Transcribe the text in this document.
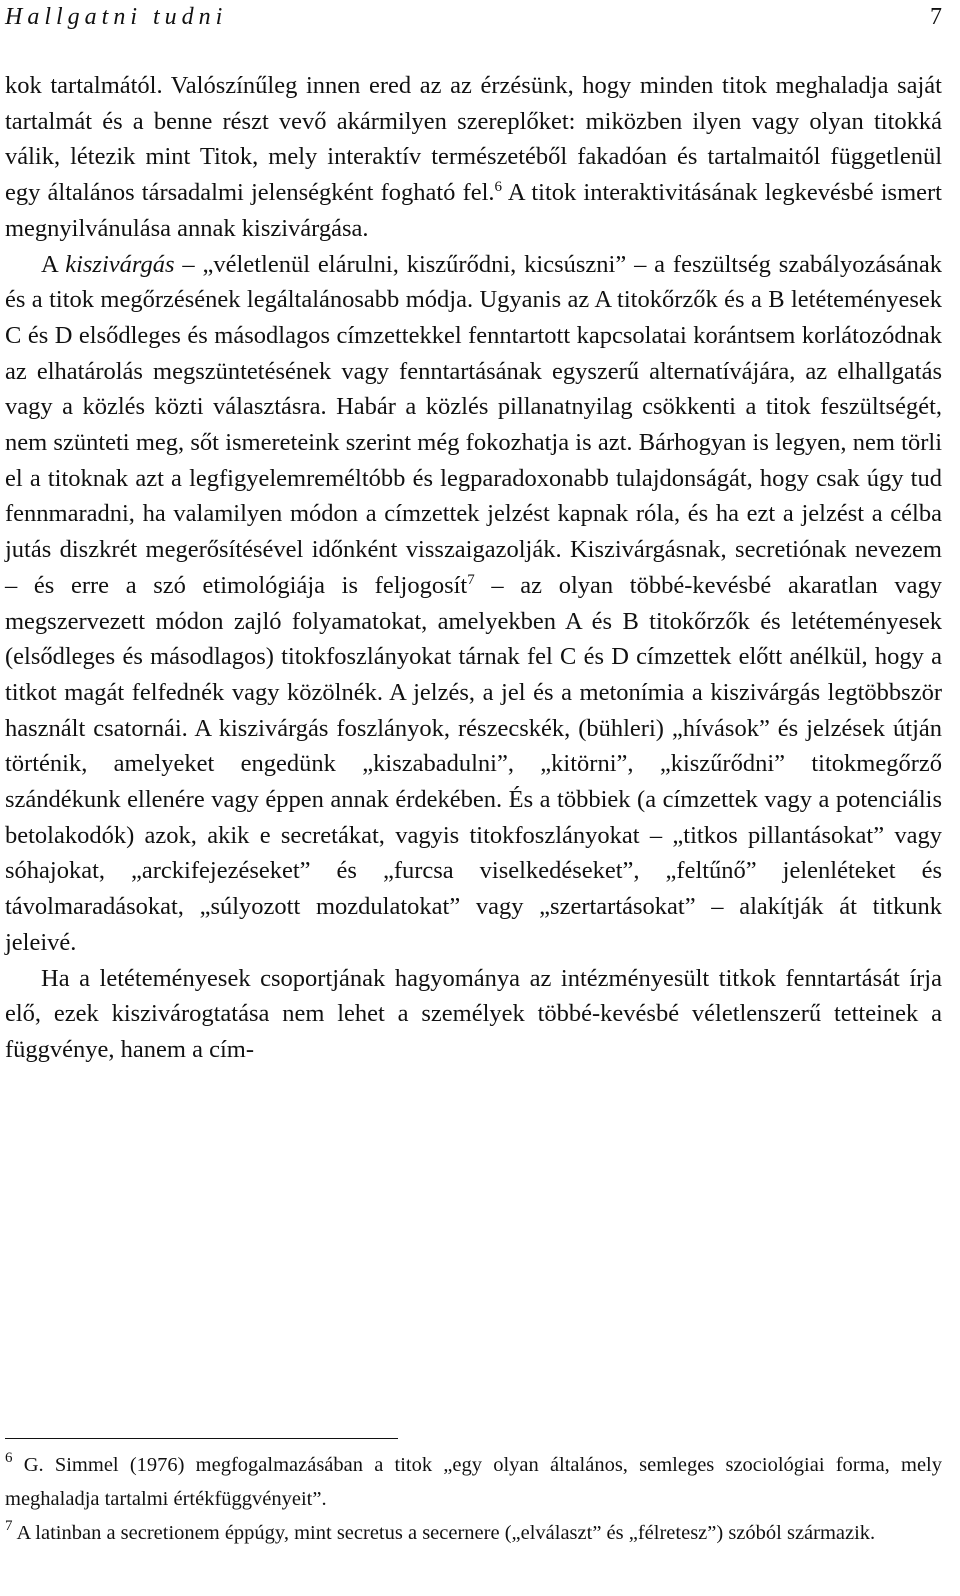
Hallgatni tudni	7

kok tartalmától. Valószínűleg innen ered az az érzésünk, hogy minden titok meghaladja saját tartalmát és a benne részt vevő akármilyen szereplőket: miközben ilyen vagy olyan titokká válik, létezik mint Titok, mely interaktív természetéből fakadóan és tartalmaitól függetlenül egy általános társadalmi jelenségként fogható fel.$^6$ A titok interaktivitásának legkevésbé ismert megnyilvánulása annak kiszivárgása.

A kiszivárgás – „véletlenül elárulni, kiszűrődni, kicsúszni” – a feszültség szabályozásának és a titok megőrzésének legáltalánosabb módja. Ugyanis az A titokőrzők és a B letéteményesek C és D elsődleges és másodlagos címzettekkel fenntartott kapcsolatai korántsem korlátozódnak az elhatárolás megszüntetésének vagy fenntartásának egyszerű alternatívájára, az elhallgatás vagy a közlés közti választásra. Habár a közlés pillanatnyilag csökkenti a titok feszültségét, nem szünteti meg, sőt ismereteink szerint még fokozhatja is azt. Bárhogyan is legyen, nem törli el a titoknak azt a legfigyelemreméltóbb és legparadoxonabb tulajdonságát, hogy csak úgy tud fennmaradni, ha valamilyen módon a címzettek jelzést kapnak róla, és ha ezt a jelzést a célba jutás diszkrét megerősítésével időnként visszaigazolják. Kiszivárgásnak, secretiónak nevezem – és erre a szó etimológiája is feljogosít$^7$ – az olyan többé-kevésbé akaratlan vagy megszervezett módon zajló folyamatokat, amelyekben A és B titokőrzők és letéteményesek (elsődleges és másodlagos) titokfoszlányokat tárnak fel C és D címzettek előtt anélkül, hogy a titkot magát felfednék vagy közölnék. A jelzés, a jel és a metonímia a kiszivárgás legtöbbször használt csatornái. A kiszivárgás foszlányok, részecskék, (bühleri) „hívások” és jelzések útján történik, amelyeket engedünk „kiszabadulni”, „kitörni”, „kiszűrődni” titokmegőrző szándékunk ellenére vagy éppen annak érdekében. És a többiek (a címzettek vagy a potenciális betolakodók) azok, akik e secretákat, vagyis titokfoszlányokat – „titkos pillantásokat” vagy sóhajokat, „arckifejezéseket” és „furcsa viselkedéseket”, „feltűnő” jelenléteket és távolmaradásokat, „súlyozott mozdulatokat” vagy „szertartásokat” – alakítják át titkunk jeleivé.

Ha a letéteményesek csoportjának hagyománya az intézményesült titkok fenntartását írja elő, ezek kiszivárogtatása nem lehet a személyek többé-kevésbé véletlenszerű tetteinek a függvénye, hanem a cím-

$^6$ G. Simmel (1976) megfogalmazásában a titok „egy olyan általános, semleges szociológiai forma, mely meghaladja tartalmi értékfüggvényeit”.

$^7$ A latinban a secretionem éppúgy, mint secretus a secernere („elválaszt” és „félretesz”) szóból származik.
